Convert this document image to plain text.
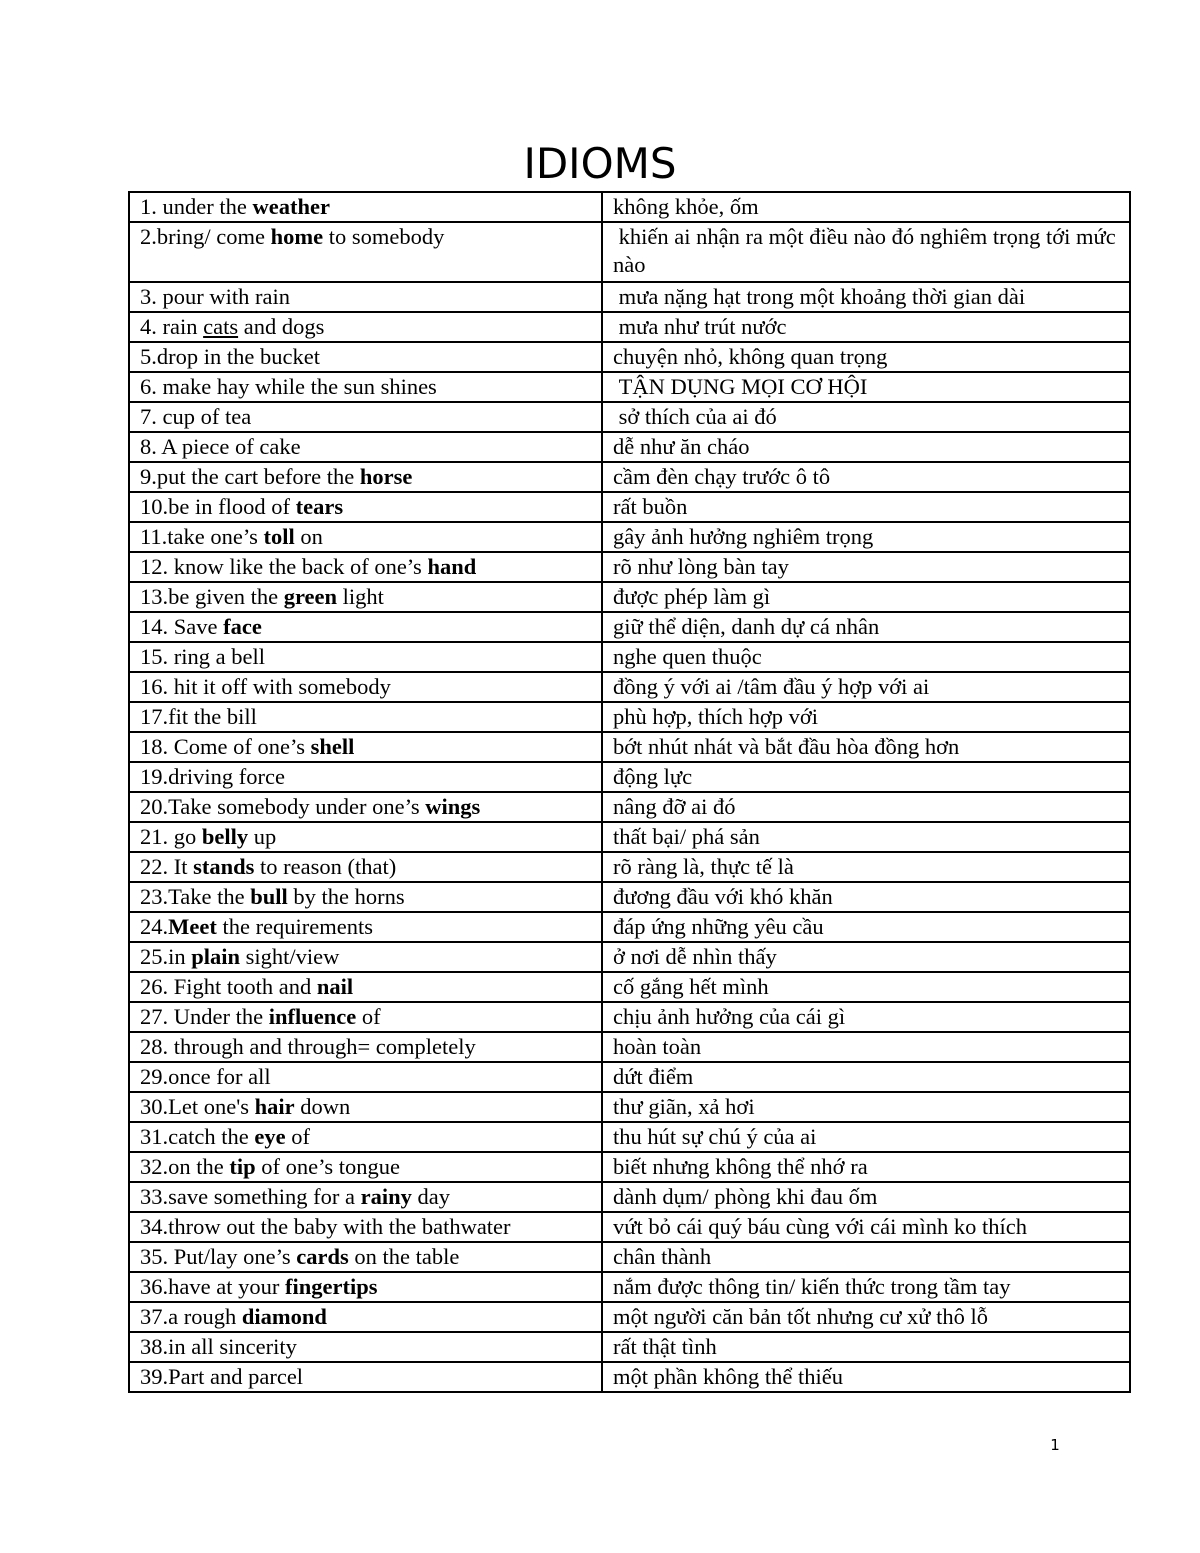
IDIOMS
1. under the weather	không khỏe, ốm
2.bring/ come home to somebody	khiến ai nhận ra một điều nào đó nghiêm trọng tới mức nào
3. pour with rain	mưa nặng hạt trong một khoảng thời gian dài
4. rain cats and dogs	mưa như trút nước
5.drop in the bucket	chuyện nhỏ, không quan trọng
6. make hay while the sun shines	TẬN DỤNG MỌI CƠ HỘI
7. cup of tea	sở thích của ai đó
8. A piece of cake	dễ như ăn cháo
9.put the cart before the horse	cầm đèn chạy trước ô tô
10.be in flood of tears	rất buồn
11.take one’s toll on	gây ảnh hưởng nghiêm trọng
12. know like the back of one’s hand	rõ như lòng bàn tay
13.be given the green light	được phép làm gì
14. Save face	giữ thể diện, danh dự cá nhân
15. ring a bell	nghe quen thuộc
16. hit it off with somebody	đồng ý với ai /tâm đầu ý hợp với ai
17.fit the bill	phù hợp, thích hợp với
18. Come of one’s shell	bớt nhút nhát và bắt đầu hòa đồng hơn
19.driving force	động lực
20.Take somebody under one’s wings	nâng đỡ ai đó
21. go belly up	thất bại/ phá sản
22. It stands to reason (that)	rõ ràng là, thực tế là
23.Take the bull by the horns	đương đầu với khó khăn
24.Meet the requirements	đáp ứng những yêu cầu
25.in plain sight/view	ở nơi dễ nhìn thấy
26. Fight tooth and nail	cố gắng hết mình
27. Under the influence of	chịu ảnh hưởng của cái gì
28. through and through= completely	hoàn toàn
29.once for all	dứt điểm
30.Let one's hair down	thư giãn, xả hơi
31.catch the eye of	thu hút sự chú ý của ai
32.on the tip of one’s tongue	biết nhưng không thể nhớ ra
33.save something for a rainy day	dành dụm/ phòng khi đau ốm
34.throw out the baby with the bathwater	vứt bỏ cái quý báu cùng với cái mình ko thích
35. Put/lay one’s cards on the table	chân thành
36.have at your fingertips	nắm được thông tin/ kiến thức trong tầm tay
37.a rough diamond	một người căn bản tốt nhưng cư xử thô lỗ
38.in all sincerity	rất thật tình
39.Part and parcel	một phần không thể thiếu
1
